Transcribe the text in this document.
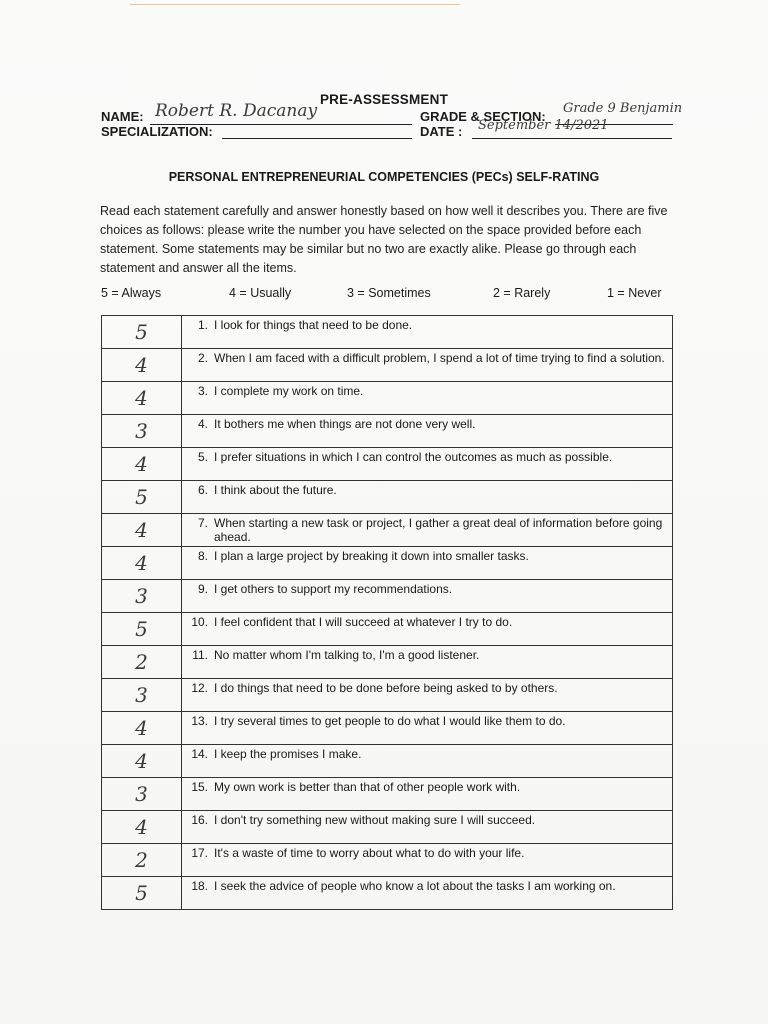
PRE-ASSESSMENT
NAME: Robert R. Dacanay	GRADE & SECTION:
Grade 9 Benjamin
SPECIALIZATION:	DATE : September 14/2021
PERSONAL ENTREPRENEURIAL COMPETENCIES (PECs) SELF-RATING
Read each statement carefully and answer honestly based on how well it describes you. There are five choices as follows: please write the number you have selected on the space provided before each statement. Some statements may be similar but no two are exactly alike. Please go through each statement and answer all the items.
5 = Always	4 = Usually	3 = Sometimes	2 = Rarely	1 = Never
5	1. I look for things that need to be done.

4	2. When I am faced with a difficult problem, I spend a lot of time trying to find a solution.

4	3. I complete my work on time.

3	4. It bothers me when things are not done very well.

4	5. I prefer situations in which I can control the outcomes as much as possible.

5	6. I think about the future.

4	7. When starting a new task or project, I gather a great deal of information before going ahead.

4	8. I plan a large project by breaking it down into smaller tasks.

3	9. I get others to support my recommendations.

5	10. I feel confident that I will succeed at whatever I try to do.

2	11. No matter whom I'm talking to, I'm a good listener.

3	12. I do things that need to be done before being asked to by others.

4	13. I try several times to get people to do what I would like them to do.

4	14. I keep the promises I make.

3	15. My own work is better than that of other people work with.

4	16. I don't try something new without making sure I will succeed.

2	17. It's a waste of time to worry about what to do with your life.

5	18. I seek the advice of people who know a lot about the tasks I am working on.
